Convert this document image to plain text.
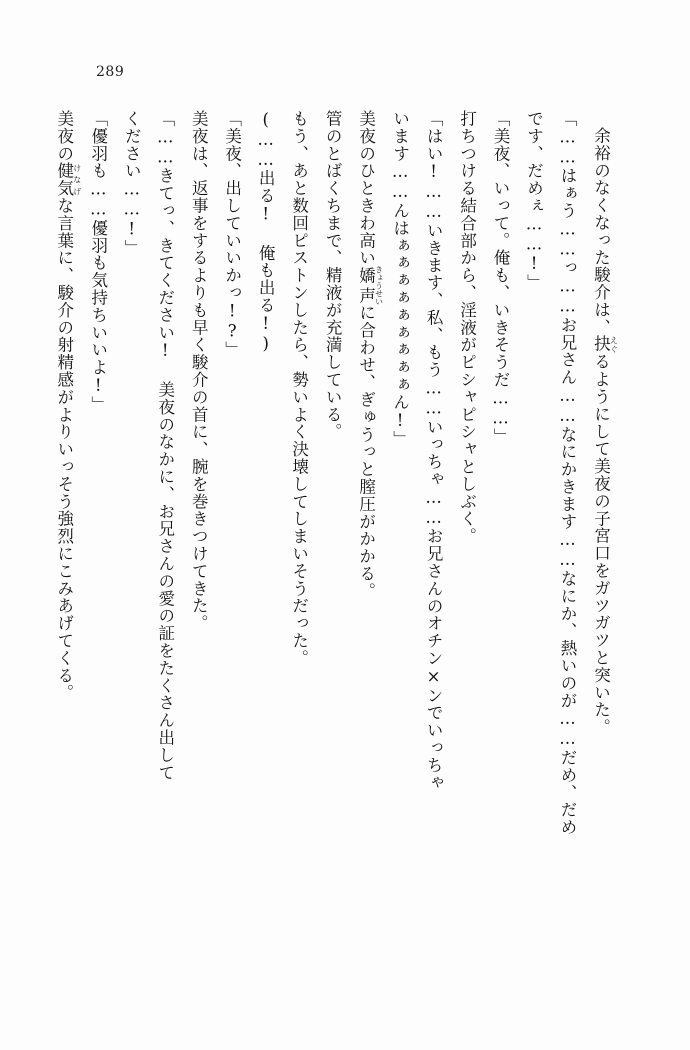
289

余裕のなくなった駿介は、抉 えぐるようにして美夜の子宮口をガツガツと突いた。

「……はぁう……っ……お兄さん……なにかきます……なにか、熱いのが……だめ、だめ

です、だめぇ……!」

「美夜、いって。俺も、いきそうだ……」

打ちつける結合部から、淫液がピシャピシャとしぶく。

「はい!……いきます、私、もう……いっちゃ……お兄さんのオチン×ンでいっちゃ

います……んはぁぁぁぁぁぁぁぁぁん!」

美夜のひときわ高い嬌声 きょうせいに合わせ、ぎゅうっと膣圧がかかる。

管のとばくちまで、精液が充満している。

もう、あと数回ピストンしたら、勢いよく決壊してしまいそうだった。

(……出る! 俺も出る!)

「美夜、出していいかっ!?」

美夜は、返事をするよりも早く駿介の首に、腕を巻きつけてきた。

「……きてっ、きてください! 美夜のなかに、お兄さんの愛の証をたくさん出して

ください……!」

「優羽も……優羽も気持ちいいよ!」

美夜の健気 けなげな言葉に、駿介の射精感がよりいっそう強烈にこみあげてくる。
